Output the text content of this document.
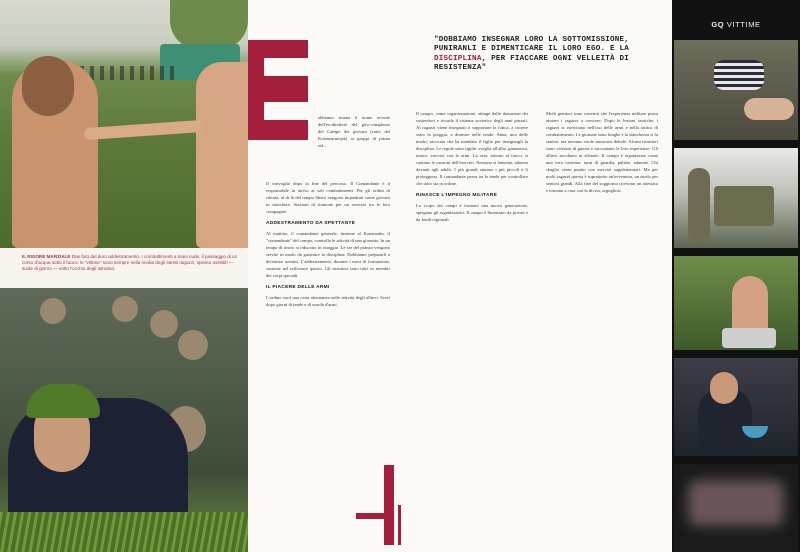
IL RIGORE MARZIALE Due foto del duro addestramento. I combattimenti a mani nude, il passaggio di un corso d'acqua sotto il fuoco: le "vittime" sono sempre nella media degli stessi ragazzi, spesso assistiti — suole di giorno — sotto l'occhio degli istruttori.
"DOBBIAMO INSEGNAR LORO LA SOTTOMISSIONE, PUNIRANLI E DIMENTICARE IL LORO EGO. E LA DISCIPLINA, PER FIACCARE OGNI VELLEITÀ DI RESISTENZA"

abbiamo situata il nome recente dell'ex-direttore del giro-complesso del Campo dei giovani (sotto del Krasnoarmejsk) ai gruppi di prima età...

Il convoglio dopo la fine del percorso. Il Comandante è il responsabile in arrivo ai soli combattimenti. Per gli ordini di ritirata, al di là del tempo libero vengono inquadrati come giovani in maschera. Stazioni di riunione per un servizio tra le loro compagnie.

ADDESTRAMENTO DA SPETTANTE

Al mattino, il comandante generale, insieme al Konstantin, il "comandante" del campo, controlla le attività di una giornata. In un tempo di rinvio si riducono in ostaggio. Le vie del pranzo vengono servite in modo da garantire la disciplina. Dobbiamo prepararli a diventare uomini. L'addestramento, durante i mesi di formazione, consiste nel rafforzare questo. Gli istruttori sono tutti ex membri dei corpi speciali.

IL PIACERE DELLE ARMI

L'ordine vuol una certa alternanza nelle attività degli allievi. Scesi dopo giorni di tende e di scuola d'armi.

Il campo, come organizzazione, attinge dalle donazioni dei sostenitori e ricorda il sistema sovietico degli anni passati. Ai ragazzi viene insegnato a sopportare la fatica, a correre sotto la pioggia, a dormire nelle tende. Anna, una delle madri, racconta che ha mandato il figlio per insegnargli la disciplina. Le regole sono rigide: sveglia all'alba, ginnastica, marce, esercizi con le armi. La sera, attorno al fuoco, si cantano le canzoni dell'esercito. Nessuno si lamenta, almeno davanti agli adulti. I più grandi aiutano i più piccoli e li proteggono. Il comandante passa tra le tende per controllare che tutto sia in ordine.

RINASCE L'IMPEGNO MILITARE

Lo scopo dei campi è formare una nuova generazione, spiegano gli organizzatori. Il campo è finanziato da privati e da fondi regionali.

Molti genitori sono convinti che l'esperienza militare possa aiutare i ragazzi a crescere. Dopo le lezioni teoriche, i ragazzi si esercitano nell'uso delle armi e nella tattica di combattimento. Le giornate sono lunghe e la stanchezza si fa sentire, ma nessuno vuole mostrarsi debole. Alcuni istruttori sono veterani di guerra e raccontano le loro esperienze. Gli allievi ascoltano in silenzio. Il campo è organizzato come una vera caserma: turni di guardia, pulizie, adunate. Chi sbaglia viene punito con esercizi supplementari. Ma per molti ragazzi questa è soprattutto un'avventura, un modo per sentirsi grandi. Alla fine del soggiorno ricevono un attestato e tornano a casa con la divisa, orgogliosi.

GQ VITTIME
